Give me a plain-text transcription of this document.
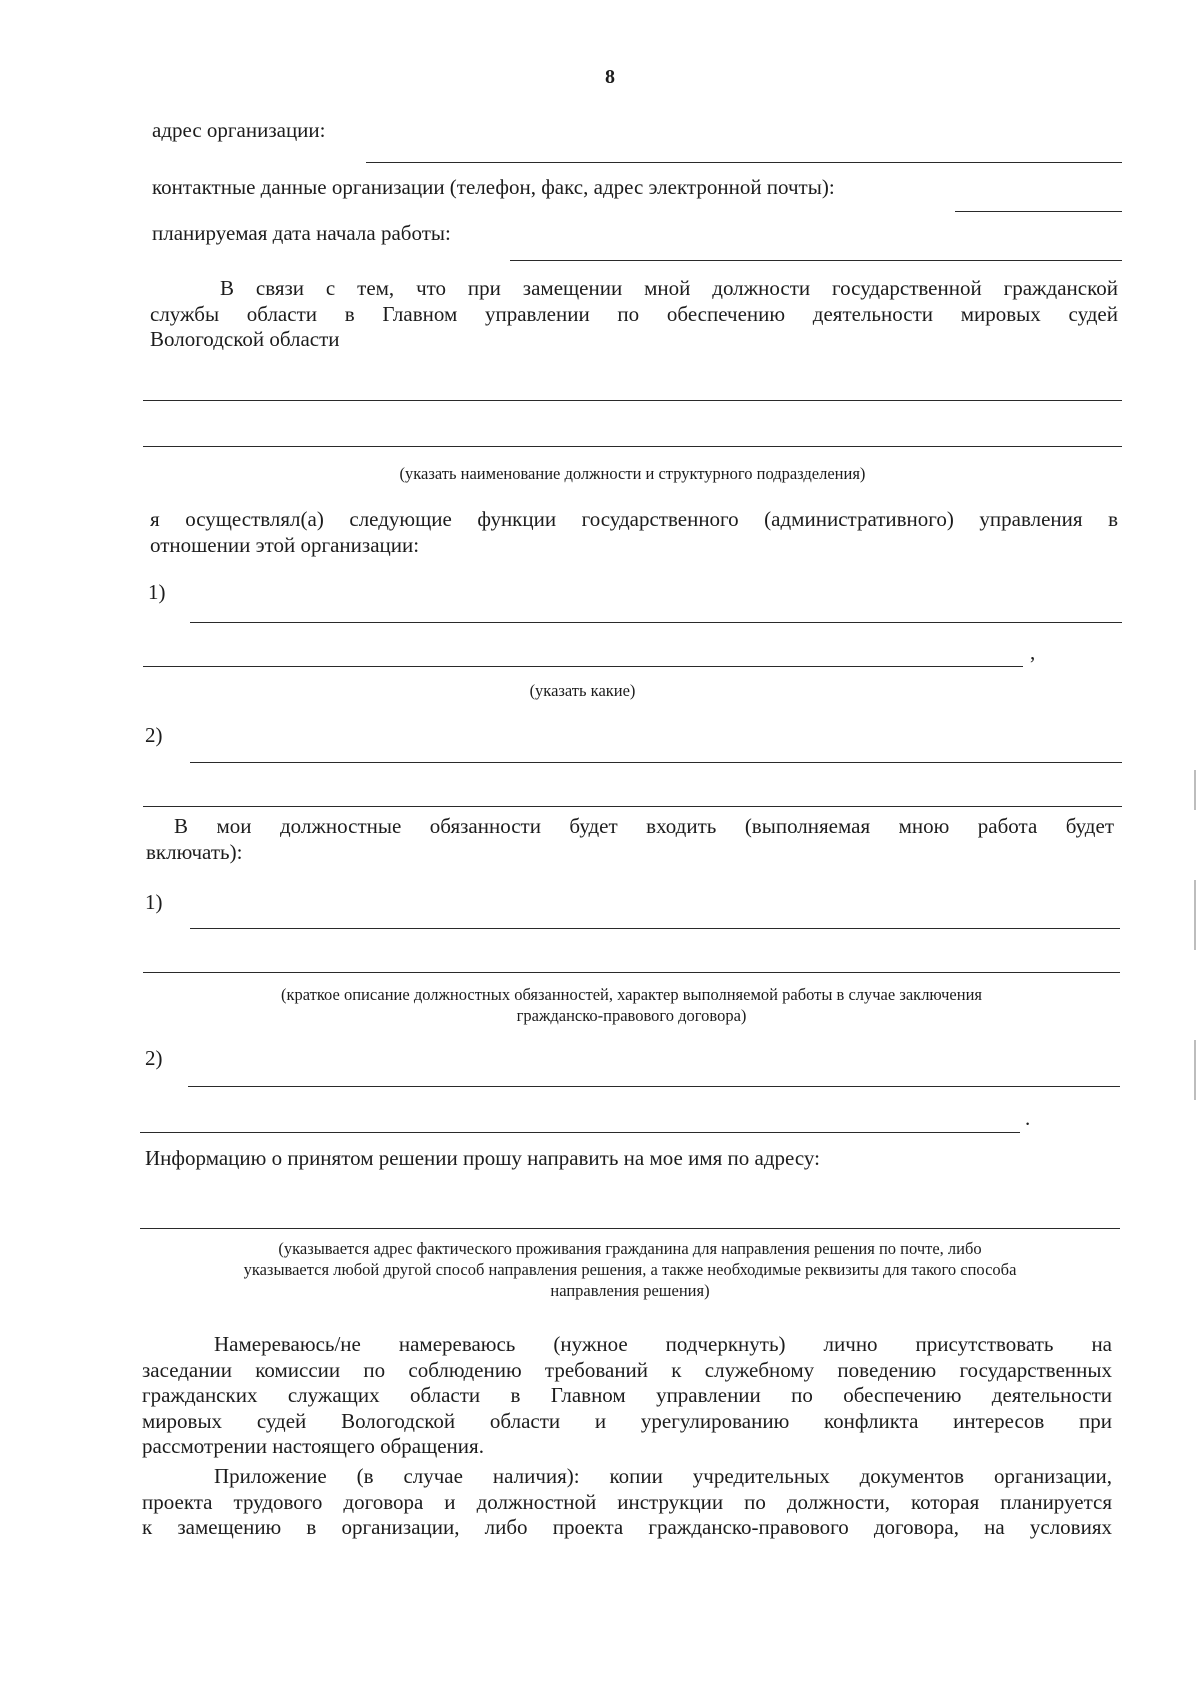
8
адрес организации:
контактные данные организации (телефон, факс, адрес электронной почты):
планируемая дата начала работы:
В связи с тем, что при замещении мной должности государственной гражданской
службы области в Главном управлении по обеспечению деятельности мировых судей
Вологодской области
(указать наименование должности и структурного подразделения)
я осуществлял(а) следующие функции государственного (административного) управления в
отношении этой организации:
1)
,
(указать какие)
2)
В мои должностные обязанности будет входить (выполняемая мною работа будет
включать):
1)
(краткое описание должностных обязанностей, характер выполняемой работы в случае заключения
гражданско-правового договора)
2)
.
Информацию о принятом решении прошу направить на мое имя по адресу:
(указывается адрес фактического проживания гражданина для направления решения по почте, либо
указывается любой другой способ направления решения, а также необходимые реквизиты для такого способа
направления решения)
Намереваюсь/не намереваюсь (нужное подчеркнуть) лично присутствовать на
заседании комиссии по соблюдению требований к служебному поведению государственных
гражданских служащих области в Главном управлении по обеспечению деятельности
мировых судей Вологодской области и урегулированию конфликта интересов при
рассмотрении настоящего обращения.
Приложение (в случае наличия): копии учредительных документов организации,
проекта трудового договора и должностной инструкции по должности, которая планируется
к замещению в организации, либо проекта гражданско-правового договора, на условиях
